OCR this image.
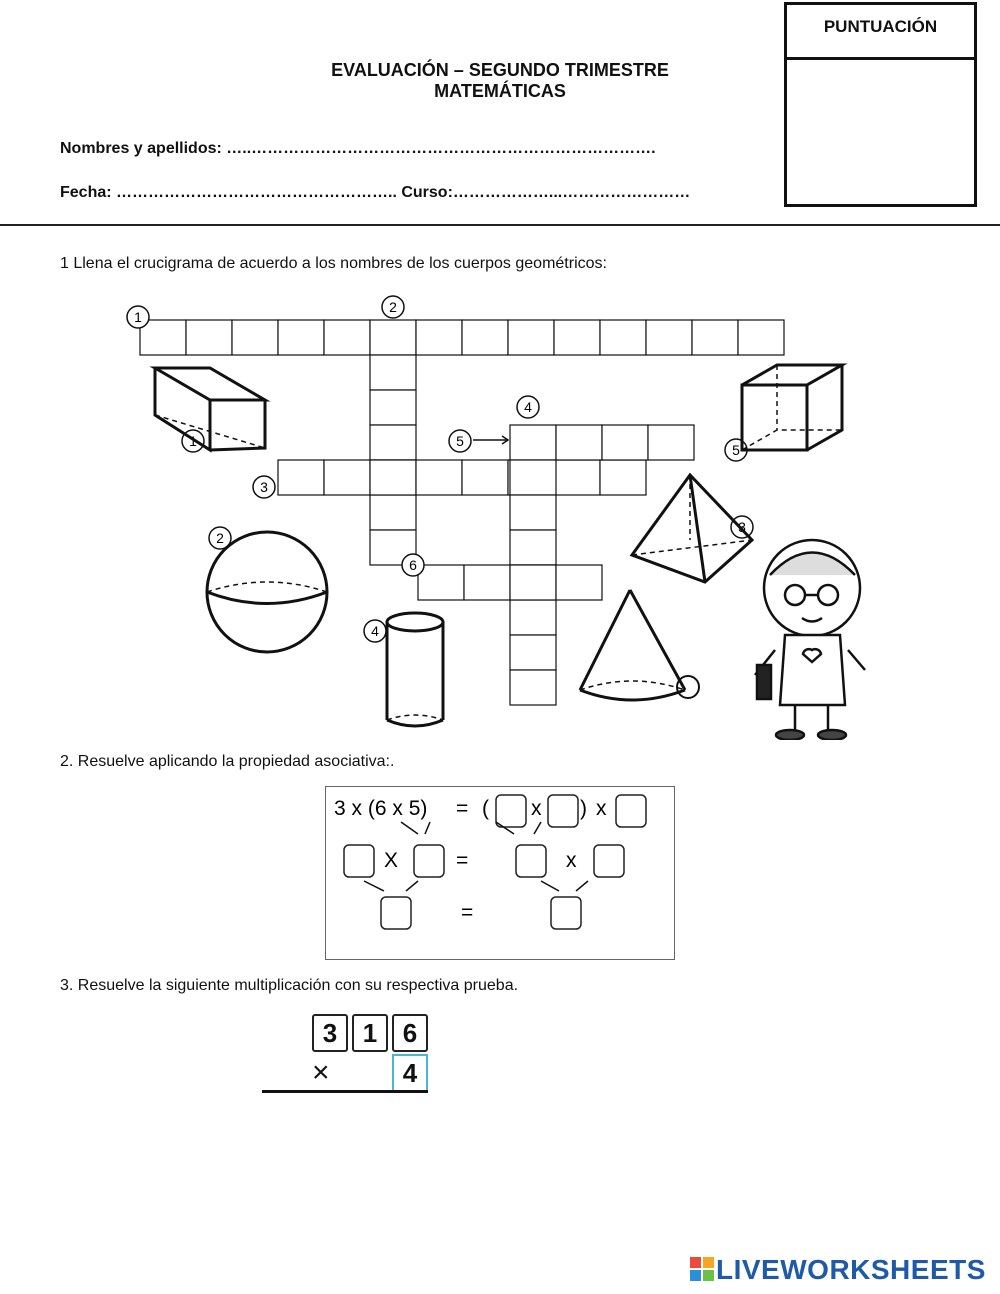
PUNTUACIÓN
EVALUACIÓN – SEGUNDO TRIMESTRE
MATEMÁTICAS
Nombres y apellidos: …..………………………………………………………………….
Fecha: …………………………………………….. Curso:………………...……………………
1 Llena el crucigrama de acuerdo a los nombres de los cuerpos geométricos:
1
1
2
2
3
3
4
4
5
5
6
2. Resuelve aplicando la propiedad asociativa:.
3 x (6 x 5) = ( x ) x
X	=	x
=
3. Resuelve la siguiente multiplicación con su respectiva prueba.
3 1 6
×	4
LIVEWORKSHEETS
